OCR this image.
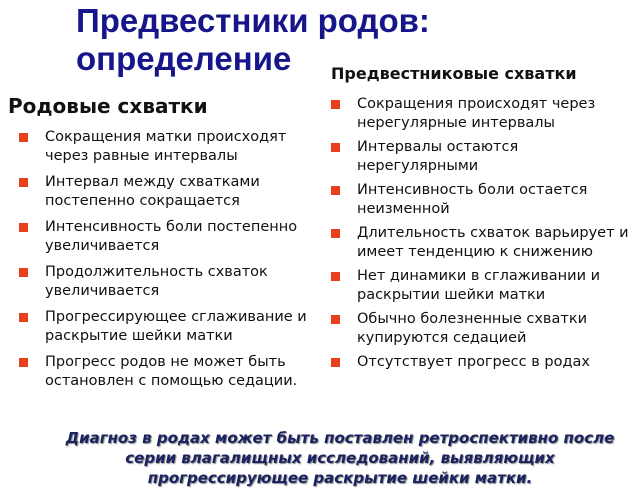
Предвестники родов:
определение
Родовые схватки
Предвестниковые схватки
Сокращения матки происходят через равные интервалы
Интервал между схватками постепенно сокращается
Интенсивность боли постепенно увеличивается
Продолжительность схваток увеличивается
Прогрессирующее сглаживание и раскрытие шейки матки
Прогресс родов не может быть остановлен с помощью седации.
Сокращения происходят через нерегулярные интервалы
Интервалы остаются нерегулярными
Интенсивность боли остается неизменной
Длительность схваток варьирует и имеет тенденцию к снижению
Нет динамики в сглаживании и раскрытии шейки матки
Обычно болезненные схватки купируются седацией
Отсутствует прогресс в родах
Диагноз в родах может быть поставлен ретроспективно после
серии влагалищных исследований, выявляющих
прогрессирующее раскрытие шейки матки.
